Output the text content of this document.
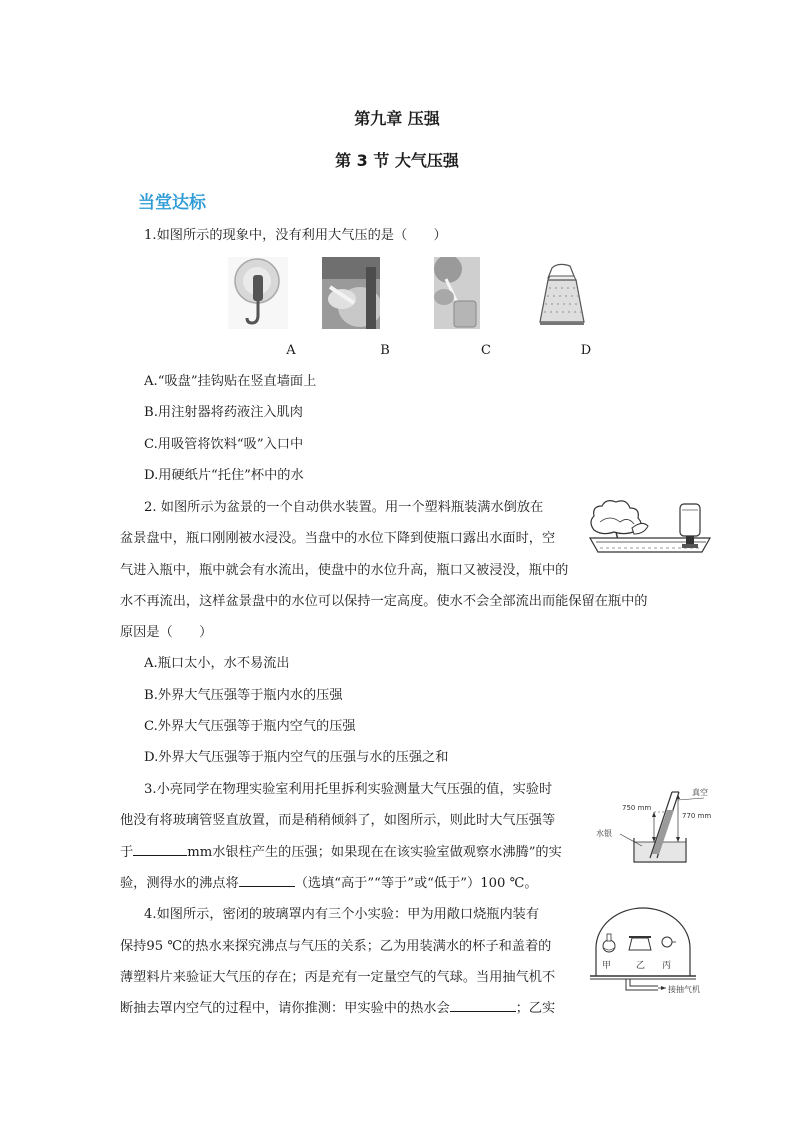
第九章 压强
第 3 节 大气压强
当堂达标
1.如图所示的现象中，没有利用大气压的是（　　）
A	B	C	D
A.“吸盘”挂钩贴在竖直墙面上
B.用注射器将药液注入肌肉
C.用吸管将饮料“吸”入口中
D.用硬纸片“托住”杯中的水
2. 如图所示为盆景的一个自动供水装置。用一个塑料瓶装满水倒放在
盆景盘中，瓶口刚刚被水浸没。当盘中的水位下降到使瓶口露出水面时，空
气进入瓶中，瓶中就会有水流出，使盘中的水位升高，瓶口又被浸没，瓶中的
水不再流出，这样盆景盘中的水位可以保持一定高度。使水不会全部流出而能保留在瓶中的
原因是（　　）
A.瓶口太小，水不易流出
B.外界大气压强等于瓶内水的压强
C.外界大气压强等于瓶内空气的压强
D.外界大气压强等于瓶内空气的压强与水的压强之和
3.小亮同学在物理实验室利用托里拆利实验测量大气压强的值，实验时
他没有将玻璃管竖直放置，而是稍稍倾斜了，如图所示，则此时大气压强等
于	mm水银柱产生的压强；如果现在在该实验室做观察水沸腾”的实
验，测得水的沸点将	（选填“高于”“等于”或“低于”）100 ℃。
真空
750 mm
770 mm
水银
4.如图所示，密闭的玻璃罩内有三个小实验：甲为用敞口烧瓶内装有
保持95 ℃的热水来探究沸点与气压的关系；乙为用装满水的杯子和盖着的
薄塑料片来验证大气压的存在；丙是充有一定量空气的气球。当用抽气机不
断抽去罩内空气的过程中，请你推测：甲实验中的热水会	；乙实
甲	乙 丙
接抽气机
